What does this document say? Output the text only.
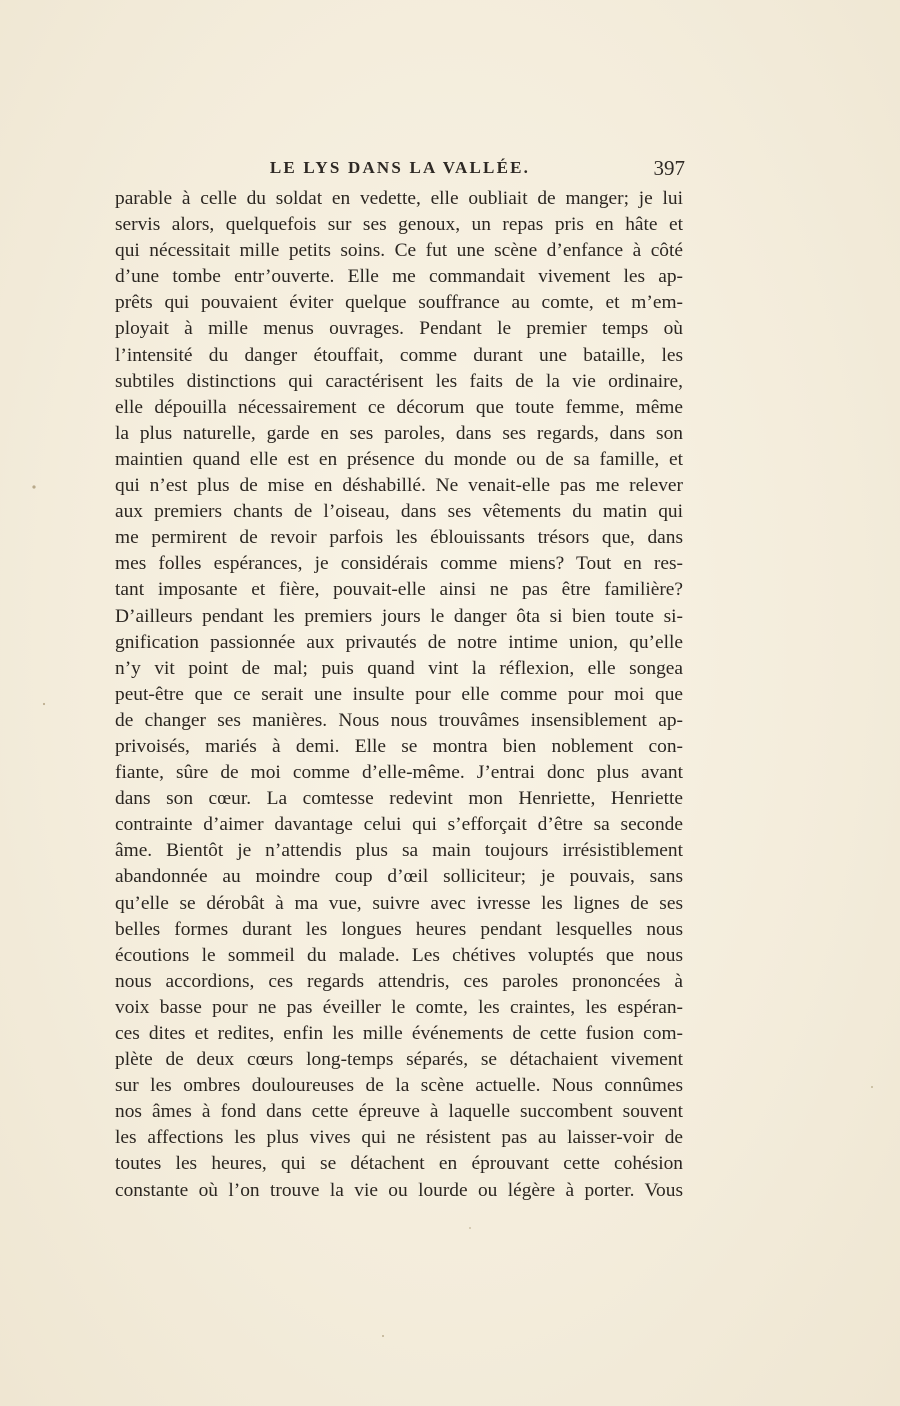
LE LYS DANS LA VALLÉE.	397
parable à celle du soldat en vedette, elle oubliait de manger; je lui
servis alors, quelquefois sur ses genoux, un repas pris en hâte et
qui nécessitait mille petits soins. Ce fut une scène d’enfance à côté
d’une tombe entr’ouverte. Elle me commandait vivement les ap-
prêts qui pouvaient éviter quelque souffrance au comte, et m’em-
ployait à mille menus ouvrages. Pendant le premier temps où
l’intensité du danger étouffait, comme durant une bataille, les
subtiles distinctions qui caractérisent les faits de la vie ordinaire,
elle dépouilla nécessairement ce décorum que toute femme, même
la plus naturelle, garde en ses paroles, dans ses regards, dans son
maintien quand elle est en présence du monde ou de sa famille, et
qui n’est plus de mise en déshabillé. Ne venait-elle pas me relever
aux premiers chants de l’oiseau, dans ses vêtements du matin qui
me permirent de revoir parfois les éblouissants trésors que, dans
mes folles espérances, je considérais comme miens? Tout en res-
tant imposante et fière, pouvait-elle ainsi ne pas être familière?
D’ailleurs pendant les premiers jours le danger ôta si bien toute si-
gnification passionnée aux privautés de notre intime union, qu’elle
n’y vit point de mal; puis quand vint la réflexion, elle songea
peut-être que ce serait une insulte pour elle comme pour moi que
de changer ses manières. Nous nous trouvâmes insensiblement ap-
privoisés, mariés à demi. Elle se montra bien noblement con-
fiante, sûre de moi comme d’elle-même. J’entrai donc plus avant
dans son cœur. La comtesse redevint mon Henriette, Henriette
contrainte d’aimer davantage celui qui s’efforçait d’être sa seconde
âme. Bientôt je n’attendis plus sa main toujours irrésistiblement
abandonnée au moindre coup d’œil solliciteur; je pouvais, sans
qu’elle se dérobât à ma vue, suivre avec ivresse les lignes de ses
belles formes durant les longues heures pendant lesquelles nous
écoutions le sommeil du malade. Les chétives voluptés que nous
nous accordions, ces regards attendris, ces paroles prononcées à
voix basse pour ne pas éveiller le comte, les craintes, les espéran-
ces dites et redites, enfin les mille événements de cette fusion com-
plète de deux cœurs long-temps séparés, se détachaient vivement
sur les ombres douloureuses de la scène actuelle. Nous connûmes
nos âmes à fond dans cette épreuve à laquelle succombent souvent
les affections les plus vives qui ne résistent pas au laisser-voir de
toutes les heures, qui se détachent en éprouvant cette cohésion
constante où l’on trouve la vie ou lourde ou légère à porter. Vous
